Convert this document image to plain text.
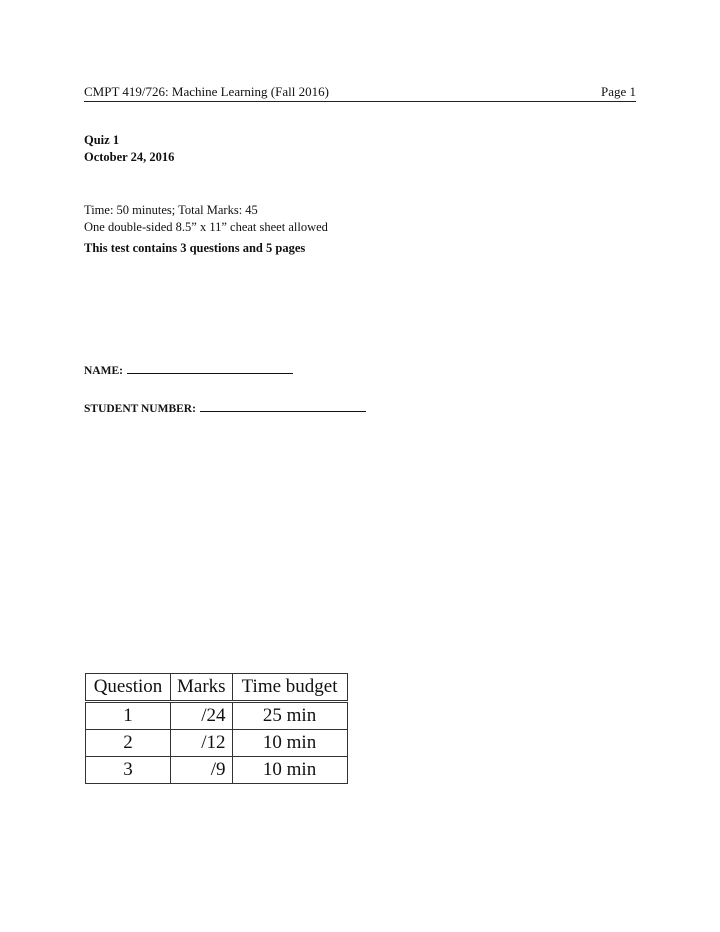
CMPT 419/726: Machine Learning (Fall 2016)	Page 1
Quiz 1
October 24, 2016
Time: 50 minutes; Total Marks: 45
One double-sided 8.5” x 11” cheat sheet allowed
This test contains 3 questions and 5 pages
NAME:
STUDENT NUMBER:
Question	Marks	Time budget
1	/24	25 min
2	/12	10 min
3	/9	10 min
